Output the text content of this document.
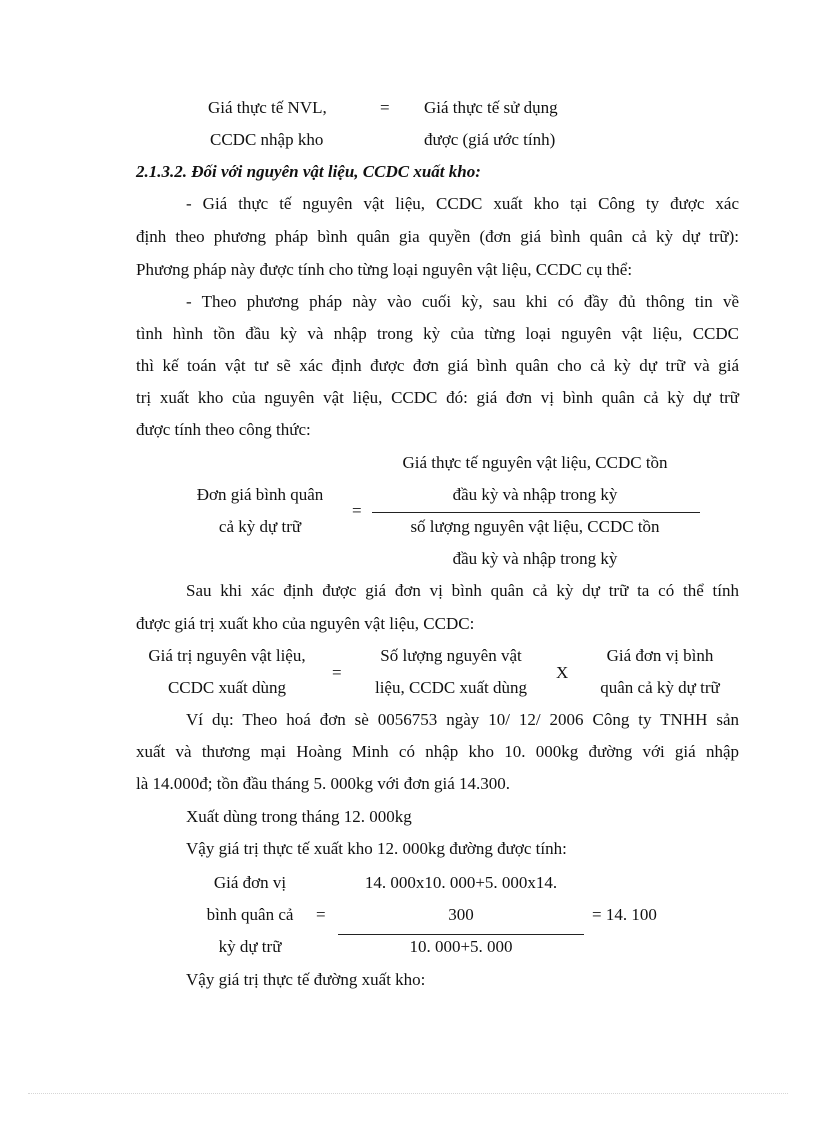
Giá thực tế NVL,
CCDC nhập kho
= Giá thực tế sử dụng
được (giá ước tính)
2.1.3.2. Đối với nguyên vật liệu, CCDC xuất kho:
- Giá thực tế nguyên vật liệu, CCDC xuất kho tại Công ty được xác
định theo phương pháp bình quân gia quyền (đơn giá bình quân cả kỳ dự trữ):
Phương pháp này được tính cho từng loại nguyên vật liệu, CCDC cụ thể:
- Theo phương pháp này vào cuối kỳ, sau khi có đầy đủ thông tin về
tình hình tồn đầu kỳ và nhập trong kỳ của từng loại nguyên vật liệu, CCDC
thì kế toán vật tư sẽ xác định được đơn giá bình quân cho cả kỳ dự trữ và giá
trị xuất kho của nguyên vật liệu, CCDC đó: giá đơn vị bình quân cả kỳ dự trữ
được tính theo công thức:
Giá thực tế nguyên vật liệu, CCDC tồn
đầu kỳ và nhập trong kỳ
Đơn giá bình quân
cả kỳ dự trữ
=
số lượng nguyên vật liệu, CCDC tồn
đầu kỳ và nhập trong kỳ
Sau khi xác định được giá đơn vị bình quân cả kỳ dự trữ ta có thể tính
được giá trị xuất kho của nguyên vật liệu, CCDC:
Giá trị nguyên vật liệu,
CCDC xuất dùng
=
Số lượng nguyên vật
liệu, CCDC xuất dùng
X
Giá đơn vị bình
quân cả kỳ dự trữ
Ví dụ: Theo hoá đơn sè 0056753 ngày 10/ 12/ 2006 Công ty TNHH sản
xuất và thương mại Hoàng Minh có nhập kho 10. 000kg đường với giá nhập
là 14.000đ; tồn đầu tháng 5. 000kg với đơn giá 14.300.
Xuất dùng trong tháng 12. 000kg
Vậy giá trị thực tế xuất kho 12. 000kg đường được tính:
Giá đơn vị
bình quân cả
kỳ dự trữ
=
14. 000x10. 000+5. 000x14.
300
10. 000+5. 000
= 14. 100
Vậy giá trị thực tế đường xuất kho:
